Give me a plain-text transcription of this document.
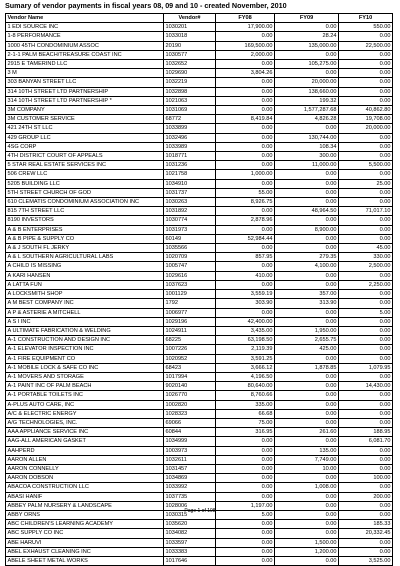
Sumary of vendor payments in fiscal years 08, 09 and 10 - created November, 2010
Vendor Name	Vendor#	FY08	FY09	FY10
1 EDI SOURCE INC	1030201	17,900.00	0.00	550.00
1-8 PERFORMANCE	1033018	0.00	28.24	0.00
1000 45TH CONDOMINIUM ASSOC	20190	169,500.00	135,000.00	22,500.00
2-1-1 PALM BEACH/TREASURE COAST INC	1030577	2,000.00	0.00	0.00
2915 E TAMERIND LLC	1032652	0.00	105,275.00	0.00
3 M	1029690	3,804.26	0.00	0.00
303 BANYAN STREET LLC	1032219	0.00	20,000.00	0.00
314 10TH STREET LTD PARTNERSHIP	1032898	0.00	138,660.00	0.00
314 10TH STREET LTD PARTNERSHIP *	1021063	0.00	199.32	0.00
3M COMPANY	1031069	0.00	1,577,287.68	40,862.80
3M CUSTOMER SERVICE	68772	8,419.84	4,826.28	19,708.00
421 24TH ST LLC	1033899	0.00	0.00	20,000.00
429 GROUP LLC	1032496	0.00	130,744.00	0.00
4SG CORP	1033989	0.00	108.34	0.00
4TH DISTRICT COURT OF APPEALS	1018771	0.00	300.00	0.00
5 STAR REAL ESTATE SERVICES INC	1031236	0.00	11,000.00	5,500.00
506 CREW LLC	1021758	1,000.00	0.00	0.00
5205 BUILDING LLC	1034910	0.00	0.00	25.00
5TH STREET CHURCH OF GOD	1031737	55.00	0.00	0.00
610 CLEMATIS CONDOMINIUM ASSOCIATION INC	1030263	8,926.75	0.00	0.00
815 7TH STREET LLC	1031892	0.00	48,964.50	71,017.10
8190 INVESTORS	1030774	2,878.96	0.00	0.00
A & B ENTERPRISES	1031973	0.00	8,900.00	0.00
A & B PIPE & SUPPLY CO	60149	52,984.44	0.00	0.00
A & J SOUTH FL JERKY	1035566	0.00	0.00	45.00
A & L SOUTHERN AGRICULTURAL LABS	1020709	857.95	279.35	330.00
A CHILD IS MISSING	1005747	0.00	4,100.00	2,500.00
A KARI HANSEN	1029616	410.00	0.00	0.00
A LATTA FUN	1037623	0.00	0.00	2,250.00
A LOCKSMITH SHOP	1001129	3,559.19	357.00	0.00
A M BEST COMPANY INC	1792	303.90	313.90	0.00
A P & ASTERIE A MITCHELL	1006977	0.00	0.00	5.00
A S I INC	1029196	42,400.00	0.00	0.00
A ULTIMATE FABRICATION & WELDING	1024911	3,435.00	1,950.00	0.00
A-1 CONSTRUCTION AND DESIGN INC	68225	63,198.50	2,655.75	0.00
A-1 ELEVATOR INSPECTION INC	1007226	2,119.39	425.00	0.00
A-1 FIRE EQUIPMENT CO	1020952	3,591.25	0.00	0.00
A-1 MOBILE LOCK & SAFE CO INC	68423	3,666.12	1,878.85	1,079.95
A-1 MOVERS AND STORAGE	1017994	4,196.50	0.00	0.00
A-1 PAINT INC OF PALM BEACH	9020140	80,640.00	0.00	14,430.00
A-1 PORTABLE TOILETS INC	1026770	8,760.66	0.00	0.00
A-PLUS AUTO CARE, INC	1002820	335.00	0.00	0.00
A/C & ELECTRIC ENERGY	1028323	66.68	0.00	0.00
A/G TECHNOLOGIES, INC.	69066	75.00	0.00	0.00
AAA APPLIANCE SERVICE INC	60844	316.95	261.60	188.95
AAG-ALL AMERICAN GASKET	1034999	0.00	0.00	6,081.70
AAHPERD	1003973	0.00	135.00	0.00
AARON ALLEN	1032611	0.00	7,749.00	0.00
AARON CONNELLY	1031457	0.00	10.00	0.00
AARON DOBSON	1034869	0.00	0.00	100.00
ABACOA CONSTRUCTION LLC	1033992	0.00	1,008.00	0.00
ABASI HANIF	1037735	0.00	0.00	200.00
ABBEY PALM NURSERY & LANDSCAPE	1028006	1,197.00	0.00	0.00
ABBY ORNS	1030315	5.00	0.00	0.00
ABC CHILDREN'S LEARNING ACADEMY	1035620	0.00	0.00	185.33
ABC SUPPLY CO INC	1034082	0.00	0.00	20,332.45
ABE HARUVI	1033597	0.00	1,500.00	0.00
ABEL EXHAUST CLEANING INC	1033383	0.00	1,200.00	0.00
ABELE SHEET METAL WORKS	1017646	0.00	0.00	3,525.00
Page 1 of 198
